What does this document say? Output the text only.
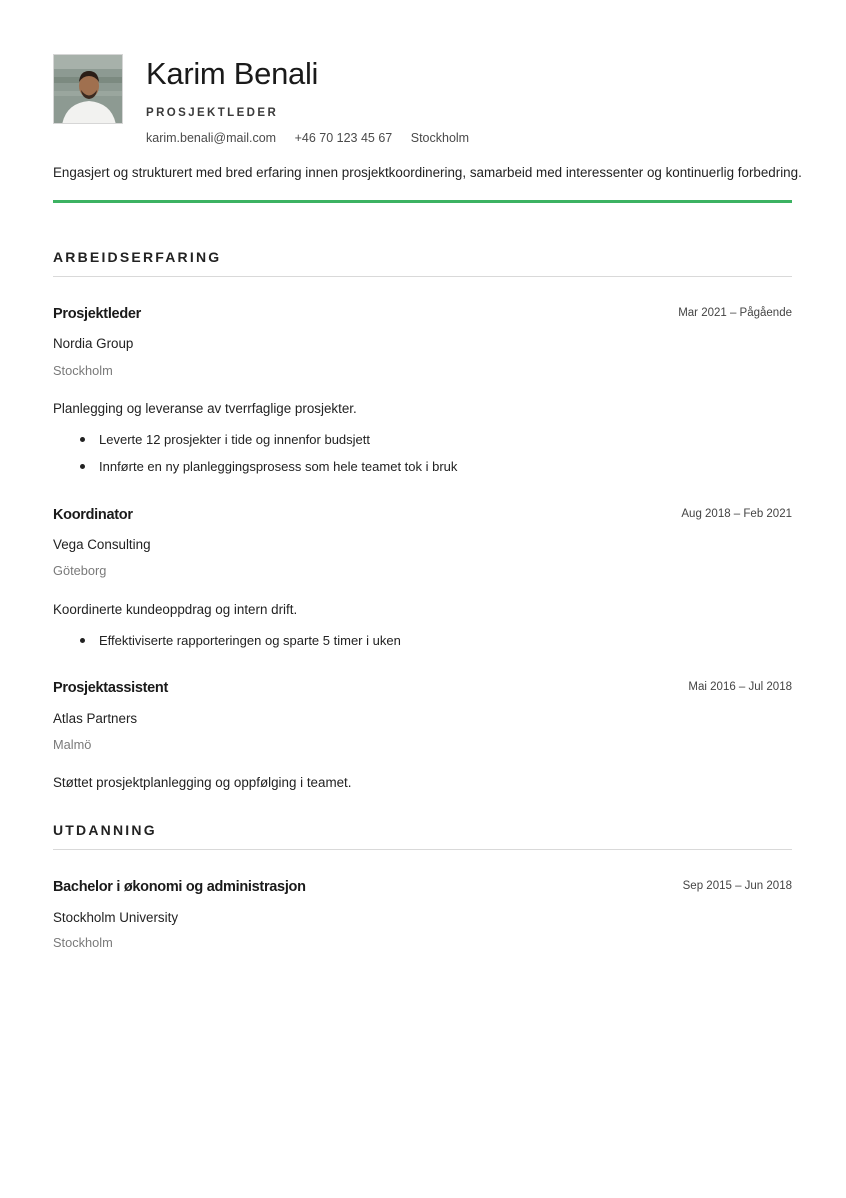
Karim Benali
PROSJEKTLEDER
karim.benali@mail.com +46 70 123 45 67 Stockholm
Engasjert og strukturert med bred erfaring innen prosjektkoordinering, samarbeid med interessenter og kontinuerlig forbedring.
ARBEIDSERFARING
Prosjektleder	Mar 2021 – Pågående
Nordia Group
Stockholm
Planlegging og leveranse av tverrfaglige prosjekter.
Leverte 12 prosjekter i tide og innenfor budsjett
Innførte en ny planleggingsprosess som hele teamet tok i bruk
Koordinator	Aug 2018 – Feb 2021
Vega Consulting
Göteborg
Koordinerte kundeoppdrag og intern drift.
Effektiviserte rapporteringen og sparte 5 timer i uken
Prosjektassistent	Mai 2016 – Jul 2018
Atlas Partners
Malmö
Støttet prosjektplanlegging og oppfølging i teamet.
UTDANNING
Bachelor i økonomi og administrasjon	Sep 2015 – Jun 2018
Stockholm University
Stockholm
